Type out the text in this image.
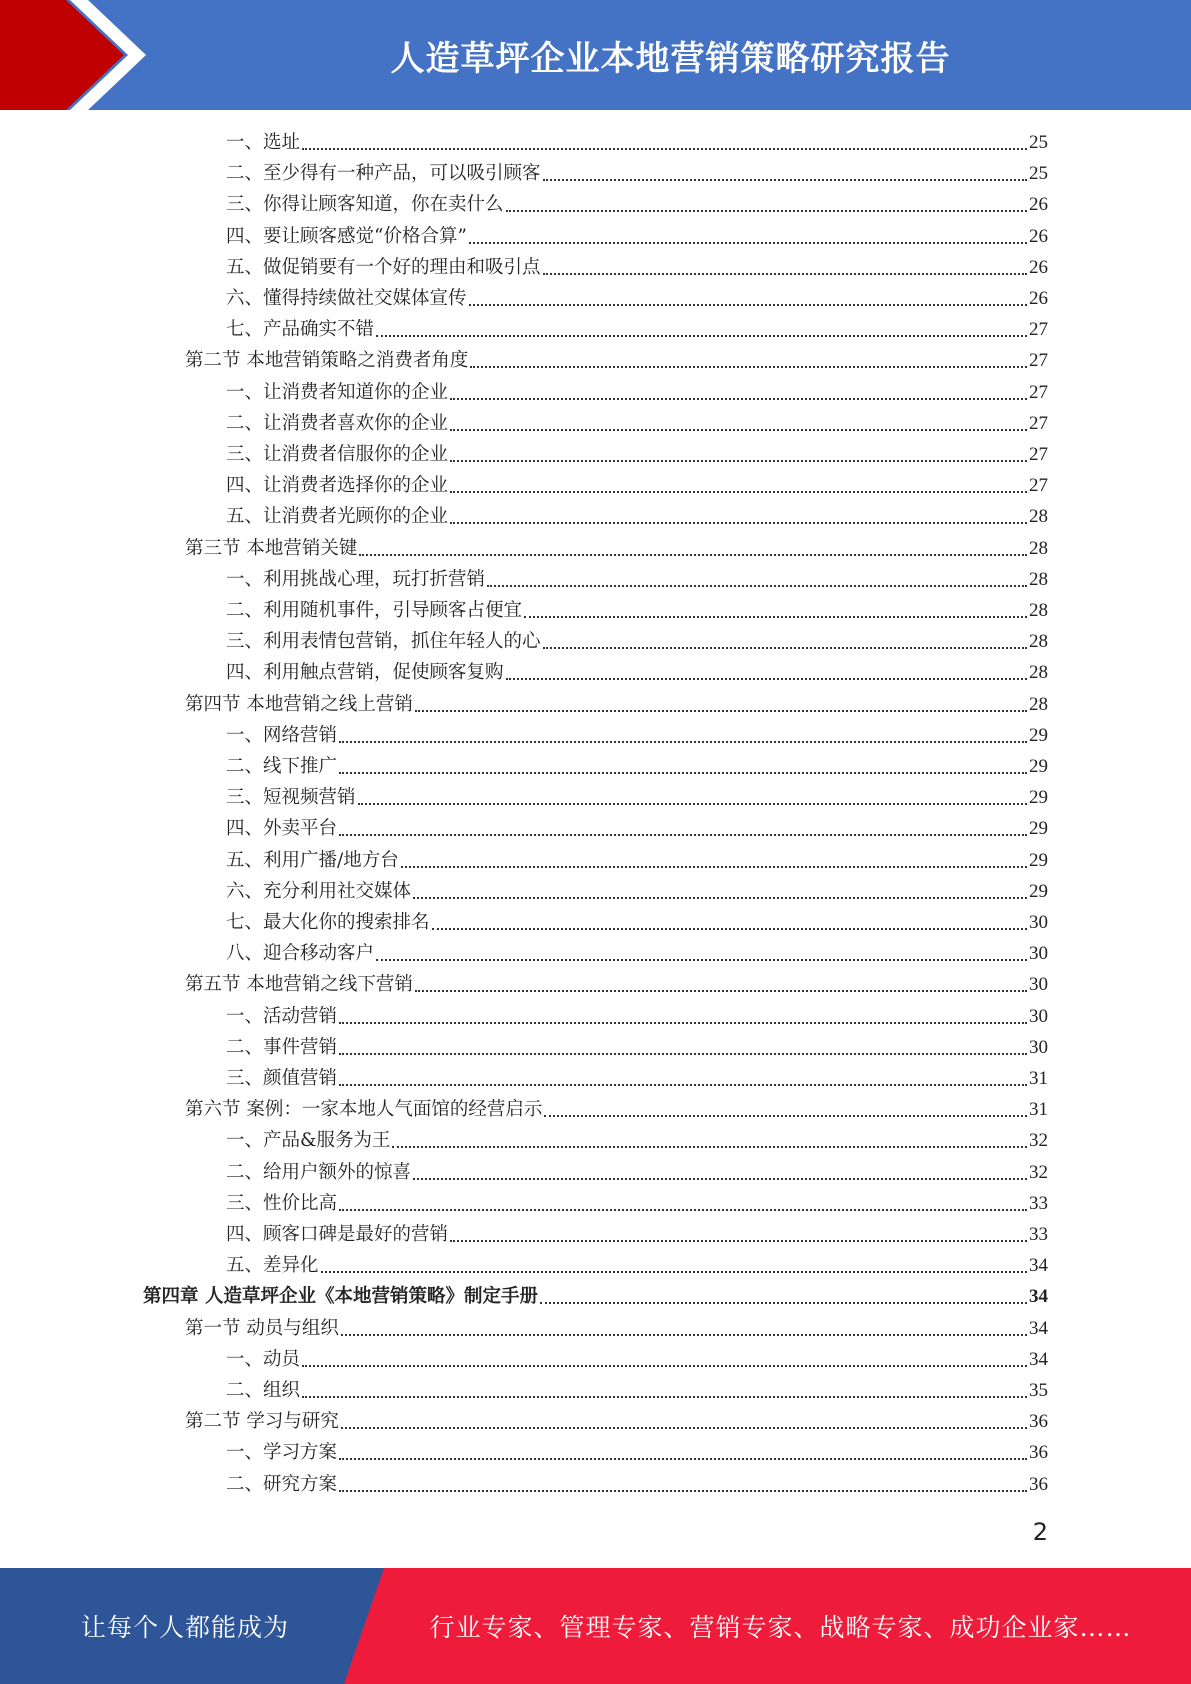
人造草坪企业本地营销策略研究报告
一、选址	25
二、至少得有一种产品，可以吸引顾客	25
三、你得让顾客知道，你在卖什么	26
四、要让顾客感觉“价格合算”	26
五、做促销要有一个好的理由和吸引点	26
六、懂得持续做社交媒体宣传	26
七、产品确实不错	27
第二节 本地营销策略之消费者角度	27
一、让消费者知道你的企业	27
二、让消费者喜欢你的企业	27
三、让消费者信服你的企业	27
四、让消费者选择你的企业	27
五、让消费者光顾你的企业	28
第三节 本地营销关键	28
一、利用挑战心理，玩打折营销	28
二、利用随机事件，引导顾客占便宜	28
三、利用表情包营销，抓住年轻人的心	28
四、利用触点营销，促使顾客复购	28
第四节 本地营销之线上营销	28
一、网络营销	29
二、线下推广	29
三、短视频营销	29
四、外卖平台	29
五、利用广播/地方台	29
六、充分利用社交媒体	29
七、最大化你的搜索排名	30
八、迎合移动客户	30
第五节 本地营销之线下营销	30
一、活动营销	30
二、事件营销	30
三、颜值营销	31
第六节 案例：一家本地人气面馆的经营启示	31
一、产品&服务为王	32
二、给用户额外的惊喜	32
三、性价比高	33
四、顾客口碑是最好的营销	33
五、差异化	34
第四章 人造草坪企业《本地营销策略》制定手册	34
第一节 动员与组织	34
一、动员	34
二、组织	35
第二节 学习与研究	36
一、学习方案	36
二、研究方案	36
2
让每个人都能成为	行业专家、管理专家、营销专家、战略专家、成功企业家……
